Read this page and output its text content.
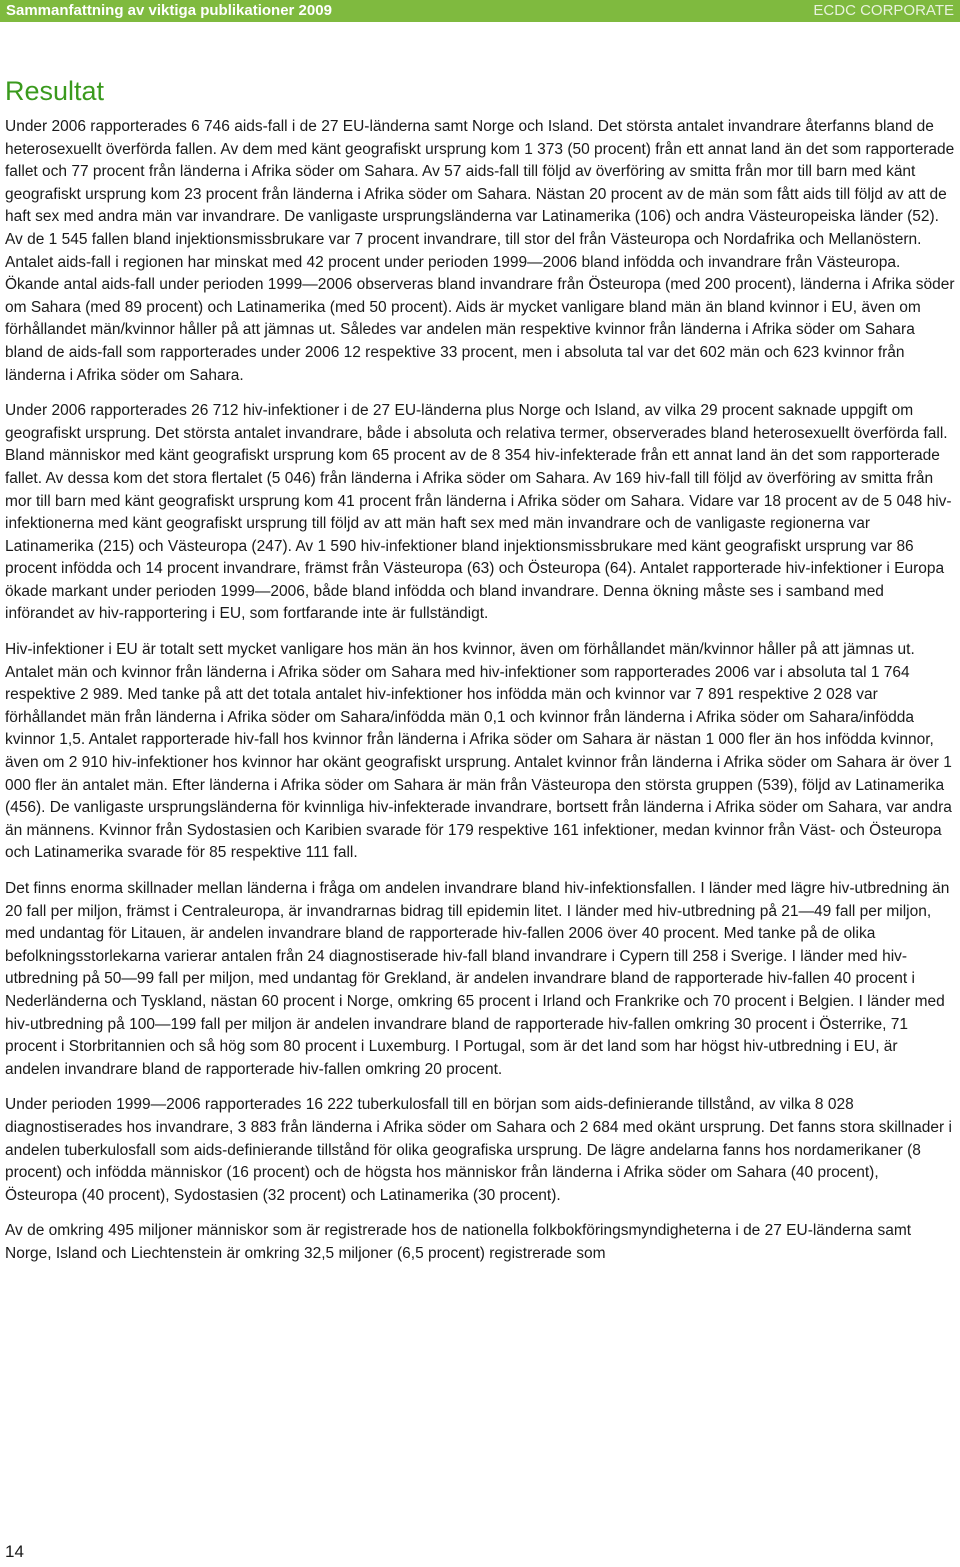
Sammanfattning av viktiga publikationer 2009	ECDC CORPORATE
Resultat

Under 2006 rapporterades 6 746 aids-fall i de 27 EU-länderna samt Norge och Island. Det största antalet invandrare återfanns bland de heterosexuellt överförda fallen. Av dem med känt geografiskt ursprung kom 1 373 (50 procent) från ett annat land än det som rapporterade fallet och 77 procent från länderna i Afrika söder om Sahara. Av 57 aids-fall till följd av överföring av smitta från mor till barn med känt geografiskt ursprung kom 23 procent från länderna i Afrika söder om Sahara. Nästan 20 procent av de män som fått aids till följd av att de haft sex med andra män var invandrare. De vanligaste ursprungsländerna var Latinamerika (106) och andra Västeuropeiska länder (52). Av de 1 545 fallen bland injektionsmissbrukare var 7 procent invandrare, till stor del från Västeuropa och Nordafrika och Mellanöstern. Antalet aids-fall i regionen har minskat med 42 procent under perioden 1999—2006 bland infödda och invandrare från Västeuropa. Ökande antal aids-fall under perioden 1999—2006 observeras bland invandrare från Östeuropa (med 200 procent), länderna i Afrika söder om Sahara (med 89 procent) och Latinamerika (med 50 procent). Aids är mycket vanligare bland män än bland kvinnor i EU, även om förhållandet män/kvinnor håller på att jämnas ut. Således var andelen män respektive kvinnor från länderna i Afrika söder om Sahara bland de aids-fall som rapporterades under 2006 12 respektive 33 procent, men i absoluta tal var det 602 män och 623 kvinnor från länderna i Afrika söder om Sahara.

Under 2006 rapporterades 26 712 hiv-infektioner i de 27 EU-länderna plus Norge och Island, av vilka 29 procent saknade uppgift om geografiskt ursprung. Det största antalet invandrare, både i absoluta och relativa termer, observerades bland heterosexuellt överförda fall. Bland människor med känt geografiskt ursprung kom 65 procent av de 8 354 hiv-infekterade från ett annat land än det som rapporterade fallet. Av dessa kom det stora flertalet (5 046) från länderna i Afrika söder om Sahara. Av 169 hiv-fall till följd av överföring av smitta från mor till barn med känt geografiskt ursprung kom 41 procent från länderna i Afrika söder om Sahara. Vidare var 18 procent av de 5 048 hiv-infektionerna med känt geografiskt ursprung till följd av att män haft sex med män invandrare och de vanligaste regionerna var Latinamerika (215) och Västeuropa (247). Av 1 590 hiv-infektioner bland injektionsmissbrukare med känt geografiskt ursprung var 86 procent infödda och 14 procent invandrare, främst från Västeuropa (63) och Östeuropa (64). Antalet rapporterade hiv-infektioner i Europa ökade markant under perioden 1999—2006, både bland infödda och bland invandrare. Denna ökning måste ses i samband med införandet av hiv-rapportering i EU, som fortfarande inte är fullständigt.

Hiv-infektioner i EU är totalt sett mycket vanligare hos män än hos kvinnor, även om förhållandet män/kvinnor håller på att jämnas ut. Antalet män och kvinnor från länderna i Afrika söder om Sahara med hiv-infektioner som rapporterades 2006 var i absoluta tal 1 764 respektive 2 989. Med tanke på att det totala antalet hiv-infektioner hos infödda män och kvinnor var 7 891 respektive 2 028 var förhållandet män från länderna i Afrika söder om Sahara/infödda män 0,1 och kvinnor från länderna i Afrika söder om Sahara/infödda kvinnor 1,5. Antalet rapporterade hiv-fall hos kvinnor från länderna i Afrika söder om Sahara är nästan 1 000 fler än hos infödda kvinnor, även om 2 910 hiv-infektioner hos kvinnor har okänt geografiskt ursprung. Antalet kvinnor från länderna i Afrika söder om Sahara är över 1 000 fler än antalet män. Efter länderna i Afrika söder om Sahara är män från Västeuropa den största gruppen (539), följd av Latinamerika (456). De vanligaste ursprungsländerna för kvinnliga hiv-infekterade invandrare, bortsett från länderna i Afrika söder om Sahara, var andra än männens. Kvinnor från Sydostasien och Karibien svarade för 179 respektive 161 infektioner, medan kvinnor från Väst- och Östeuropa och Latinamerika svarade för 85 respektive 111 fall.

Det finns enorma skillnader mellan länderna i fråga om andelen invandrare bland hiv-infektionsfallen. I länder med lägre hiv-utbredning än 20 fall per miljon, främst i Centraleuropa, är invandrarnas bidrag till epidemin litet. I länder med hiv-utbredning på 21—49 fall per miljon, med undantag för Litauen, är andelen invandrare bland de rapporterade hiv-fallen 2006 över 40 procent. Med tanke på de olika befolkningsstorlekarna varierar antalen från 24 diagnostiserade hiv-fall bland invandrare i Cypern till 258 i Sverige. I länder med hiv-utbredning på 50—99 fall per miljon, med undantag för Grekland, är andelen invandrare bland de rapporterade hiv-fallen 40 procent i Nederländerna och Tyskland, nästan 60 procent i Norge, omkring 65 procent i Irland och Frankrike och 70 procent i Belgien. I länder med hiv-utbredning på 100—199 fall per miljon är andelen invandrare bland de rapporterade hiv-fallen omkring 30 procent i Österrike, 71 procent i Storbritannien och så hög som 80 procent i Luxemburg. I Portugal, som är det land som har högst hiv-utbredning i EU, är andelen invandrare bland de rapporterade hiv-fallen omkring 20 procent.

Under perioden 1999—2006 rapporterades 16 222 tuberkulosfall till en början som aids-definierande tillstånd, av vilka 8 028 diagnostiserades hos invandrare, 3 883 från länderna i Afrika söder om Sahara och 2 684 med okänt ursprung. Det fanns stora skillnader i andelen tuberkulosfall som aids-definierande tillstånd för olika geografiska ursprung. De lägre andelarna fanns hos nordamerikaner (8 procent) och infödda människor (16 procent) och de högsta hos människor från länderna i Afrika söder om Sahara (40 procent), Östeuropa (40 procent), Sydostasien (32 procent) och Latinamerika (30 procent).

Av de omkring 495 miljoner människor som är registrerade hos de nationella folkbokföringsmyndigheterna i de 27 EU-länderna samt Norge, Island och Liechtenstein är omkring 32,5 miljoner (6,5 procent) registrerade som

14
